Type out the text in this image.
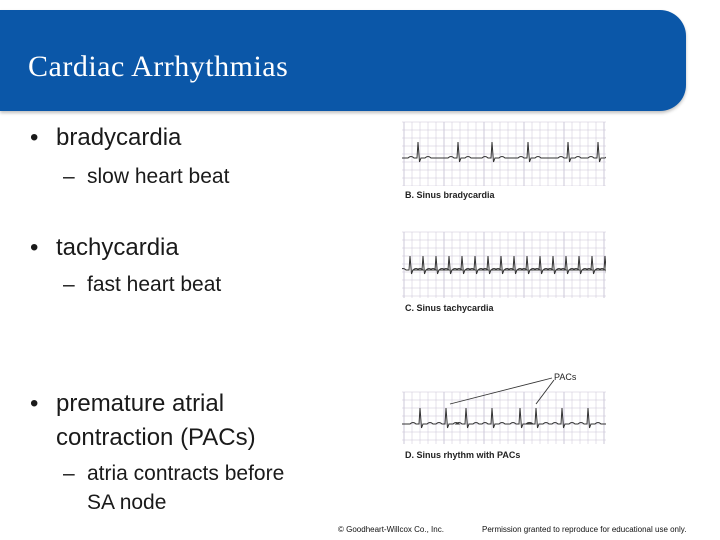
Cardiac Arrhythmias
• bradycardia
– slow heart beat
• tachycardia
– fast heart beat
• premature atrial
contraction (PACs)
– atria contracts before
SA node
B. Sinus bradycardia
C. Sinus tachycardia
D. Sinus rhythm with PACs
PACs
© Goodheart-Willcox Co., Inc.	Permission granted to reproduce for educational use only.
